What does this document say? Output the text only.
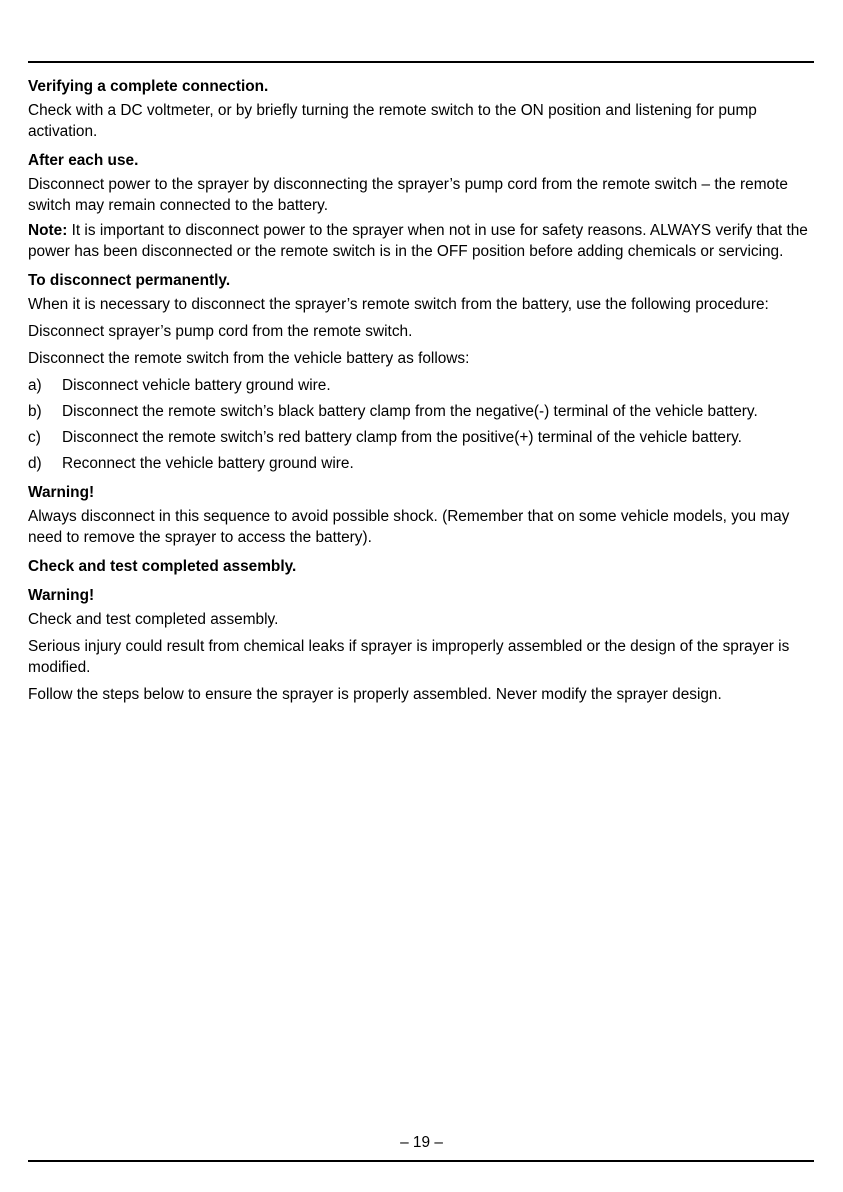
Verifying a complete connection.

Check with a DC voltmeter, or by briefly turning the remote switch to the ON position and listening for pump activation.

After each use.

Disconnect power to the sprayer by disconnecting the sprayer’s pump cord from the remote switch – the remote switch may remain connected to the battery.

Note: It is important to disconnect power to the sprayer when not in use for safety reasons. ALWAYS verify that the power has been disconnected or the remote switch is in the OFF position before adding chemicals or servicing.

To disconnect permanently.

When it is necessary to disconnect the sprayer’s remote switch from the battery, use the following procedure:

Disconnect sprayer’s pump cord from the remote switch.

Disconnect the remote switch from the vehicle battery as follows:

a) Disconnect vehicle battery ground wire.
b) Disconnect the remote switch’s black battery clamp from the negative(-) terminal of the vehicle battery.
c) Disconnect the remote switch’s red battery clamp from the positive(+) terminal of the vehicle battery.
d) Reconnect the vehicle battery ground wire.
Warning!

Always disconnect in this sequence to avoid possible shock. (Remember that on some vehicle models, you may need to remove the sprayer to access the battery).

Check and test completed assembly.
Warning!

Check and test completed assembly.

Serious injury could result from chemical leaks if sprayer is improperly assembled or the design of the sprayer is modified.

Follow the steps below to ensure the sprayer is properly assembled. Never modify the sprayer design.

– 19 –
